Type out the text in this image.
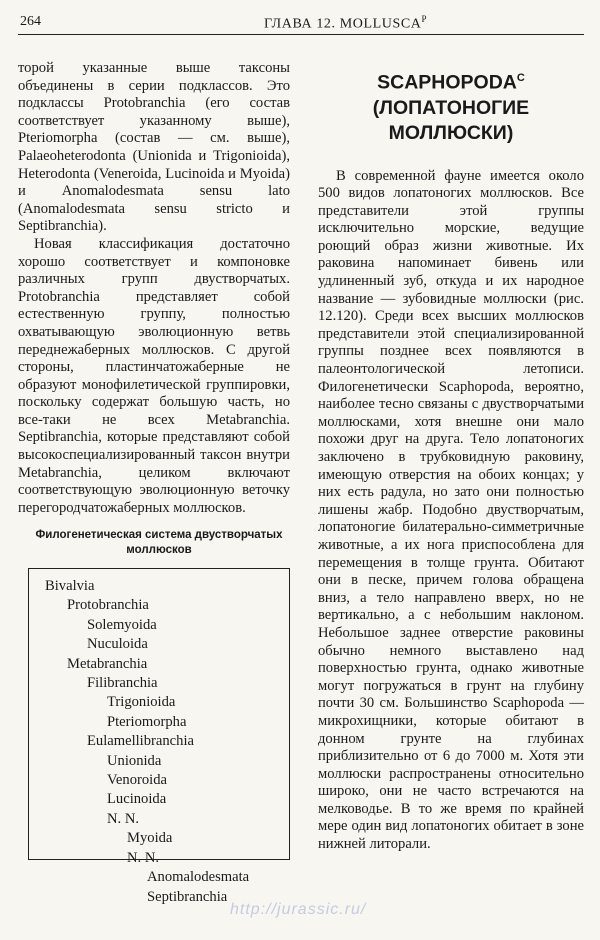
264	ГЛАВА 12. $MOLLUSCA^P$

торой указанные выше таксоны объединены в серии подклассов. Это подклассы Protobranchia (его состав соответствует указанному выше), Pteriomorpha (состав — см. выше), Palaeoheterodonta (Unionida и Trigonioida), Heterodonta (Veneroida, Lucinoida и Myoida) и Anomalodesmata sensu lato (Anomalodesmata sensu stricto и Septibranchia).

Новая классификация достаточно хорошо соответствует и компоновке различных групп двустворчатых. Protobranchia представляет собой естественную группу, полностью охватывающую эволюционную ветвь переднежаберных моллюсков. С другой стороны, пластинчатожаберные не образуют монофилетической группировки, поскольку содержат большую часть, но все-таки не всех Metabranchia. Septibranchia, которые представляют собой высокоспециализированный таксон внутри Metabranchia, целиком включают соответствующую эволюционную веточку перегородчатожаберных моллюсков.

Филогенетическая система двустворчатых моллюсков
Bivalvia
Protobranchia
Solemyoida
Nuculoida
Metabranchia
Filibranchia
Trigonioida
Pteriomorpha
Eulamellibranchia
Unionida
Venoroida
Lucinoida
N. N.
Myoida
N. N.
Anomalodesmata
Septibranchia
$SCAPHOPODA^C$
(ЛОПАТОНОГИЕ
МОЛЛЮСКИ)

В современной фауне имеется около 500 видов лопатоногих моллюсков. Все представители этой группы исключительно морские, ведущие роющий образ жизни животные. Их раковина напоминает бивень или удлиненный зуб, откуда и их народное название — зубовидные моллюски (рис. 12.120). Среди всех высших моллюсков представители этой специализированной группы позднее всех появляются в палеонтологической летописи. Филогенетически Scaphopoda, вероятно, наиболее тесно связаны с двустворчатыми моллюсками, хотя внешне они мало похожи друг на друга. Тело лопатоногих заключено в трубковидную раковину, имеющую отверстия на обоих концах; у них есть радула, но зато они полностью лишены жабр. Подобно двустворчатым, лопатоногие билатерально-симметричные животные, а их нога приспособлена для перемещения в толще грунта. Обитают они в песке, причем голова обращена вниз, а тело направлено вверх, но не вертикально, а с небольшим наклоном. Небольшое заднее отверстие раковины обычно немного выставлено над поверхностью грунта, однако животные могут погружаться в грунт на глубину почти 30 см. Большинство Scaphopoda — микрохищники, которые обитают в донном грунте на глубинах приблизительно от 6 до 7000 м. Хотя эти моллюски распространены относительно широко, они не часто встречаются на мелководье. В то же время по крайней мере один вид лопатоногих обитает в зоне нижней литорали.

http://jurassic.ru/
